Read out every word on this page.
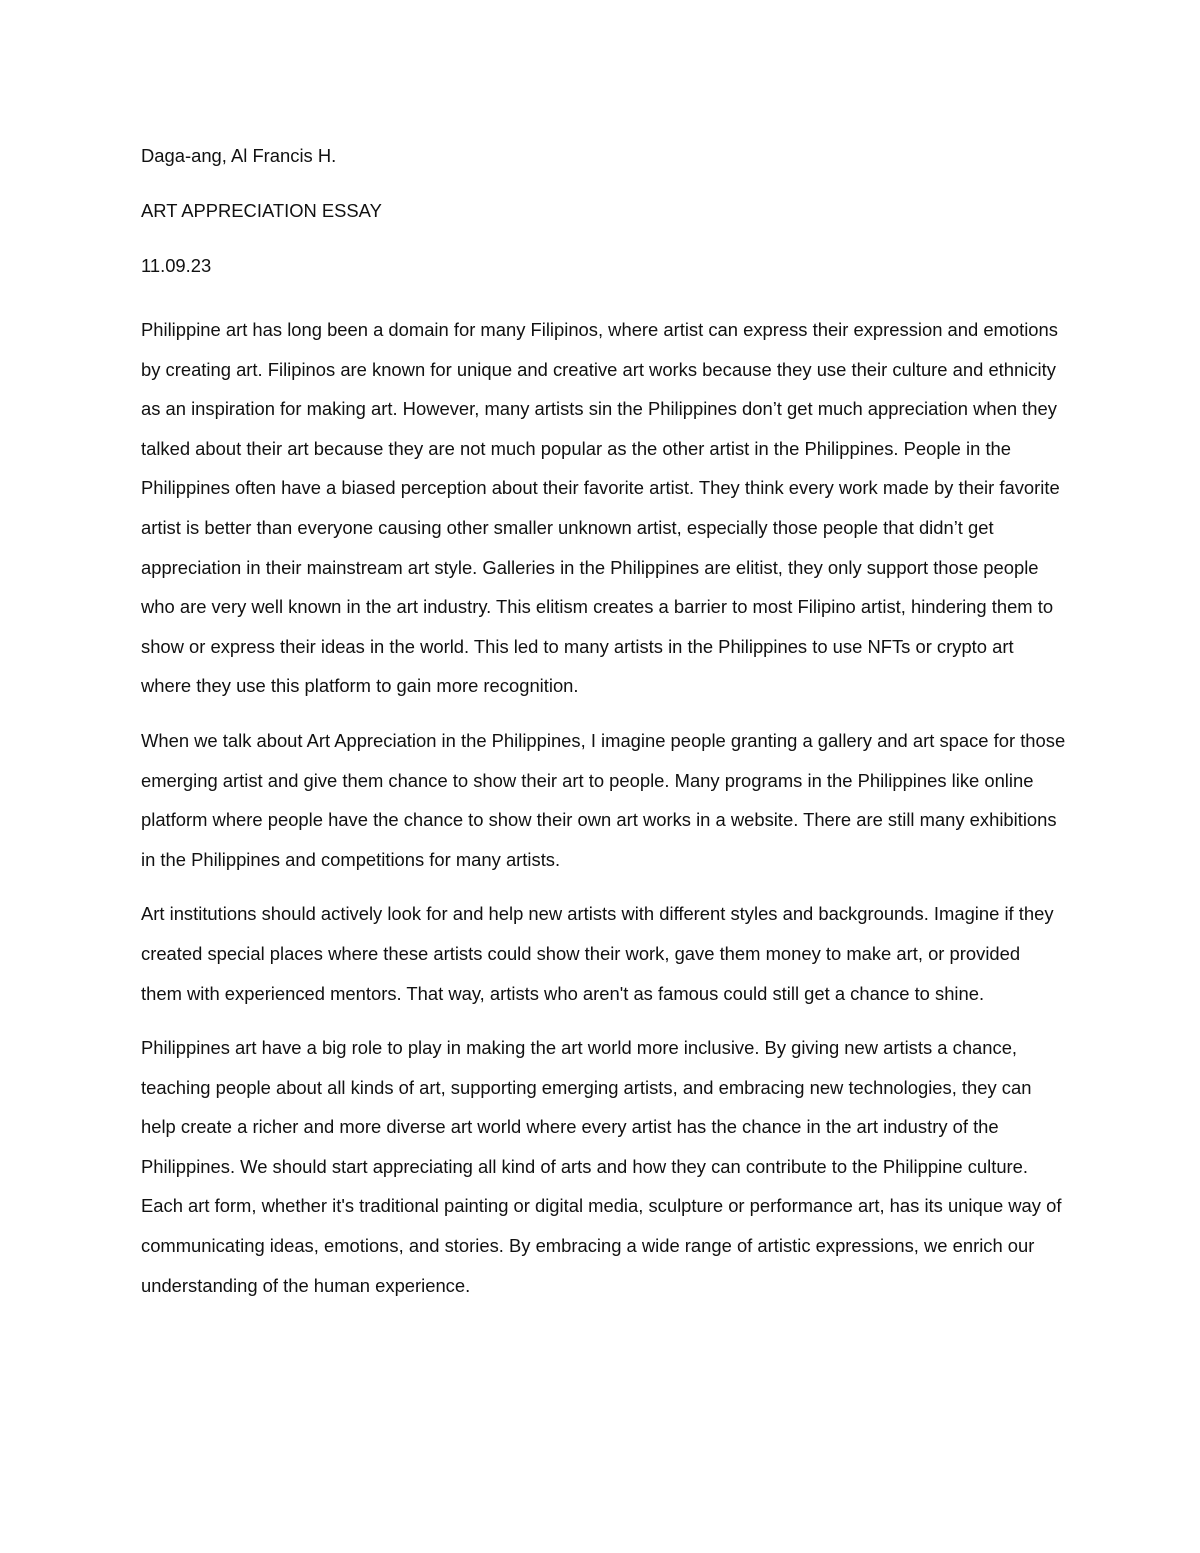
Daga-ang, Al Francis H.

ART APPRECIATION ESSAY

11.09.23

Philippine art has long been a domain for many Filipinos, where artist can express their expression and emotions by creating art. Filipinos are known for unique and creative art works because they use their culture and ethnicity as an inspiration for making art. However, many artists sin the Philippines don’t get much appreciation when they talked about their art because they are not much popular as the other artist in the Philippines. People in the Philippines often have a biased perception about their favorite artist. They think every work made by their favorite artist is better than everyone causing other smaller unknown artist, especially those people that didn’t get appreciation in their mainstream art style. Galleries in the Philippines are elitist, they only support those people who are very well known in the art industry. This elitism creates a barrier to most Filipino artist, hindering them to show or express their ideas in the world. This led to many artists in the Philippines to use NFTs or crypto art where they use this platform to gain more recognition.

When we talk about Art Appreciation in the Philippines, I imagine people granting a gallery and art space for those emerging artist and give them chance to show their art to people. Many programs in the Philippines like online platform where people have the chance to show their own art works in a website. There are still many exhibitions in the Philippines and competitions for many artists.

Art institutions should actively look for and help new artists with different styles and backgrounds. Imagine if they created special places where these artists could show their work, gave them money to make art, or provided them with experienced mentors. That way, artists who aren't as famous could still get a chance to shine.

Philippines art have a big role to play in making the art world more inclusive. By giving new artists a chance, teaching people about all kinds of art, supporting emerging artists, and embracing new technologies, they can help create a richer and more diverse art world where every artist has the chance in the art industry of the Philippines. We should start appreciating all kind of arts and how they can contribute to the Philippine culture. Each art form, whether it's traditional painting or digital media, sculpture or performance art, has its unique way of communicating ideas, emotions, and stories. By embracing a wide range of artistic expressions, we enrich our understanding of the human experience.
